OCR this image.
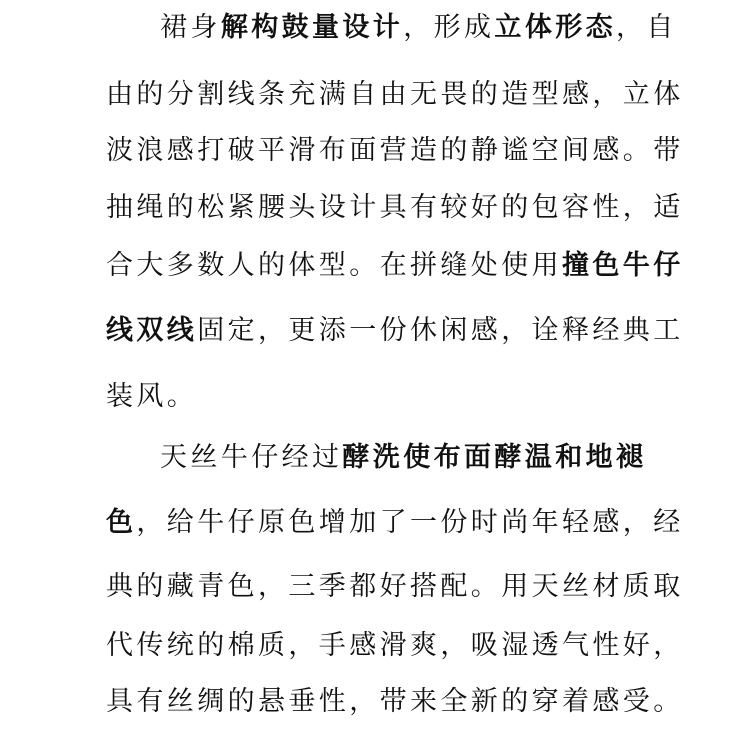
裙身解构鼓量设计，形成立体形态，自
由的分割线条充满自由无畏的造型感，立体
波浪感打破平滑布面营造的静谧空间感。带
抽绳的松紧腰头设计具有较好的包容性，适
合大多数人的体型。在拼缝处使用撞色牛仔
线双线固定，更添一份休闲感，诠释经典工
装风。
天丝牛仔经过酵洗使布面酵温和地褪
色，给牛仔原色增加了一份时尚年轻感，经
典的藏青色，三季都好搭配。用天丝材质取
代传统的棉质，手感滑爽，吸湿透气性好，
具有丝绸的悬垂性，带来全新的穿着感受。
